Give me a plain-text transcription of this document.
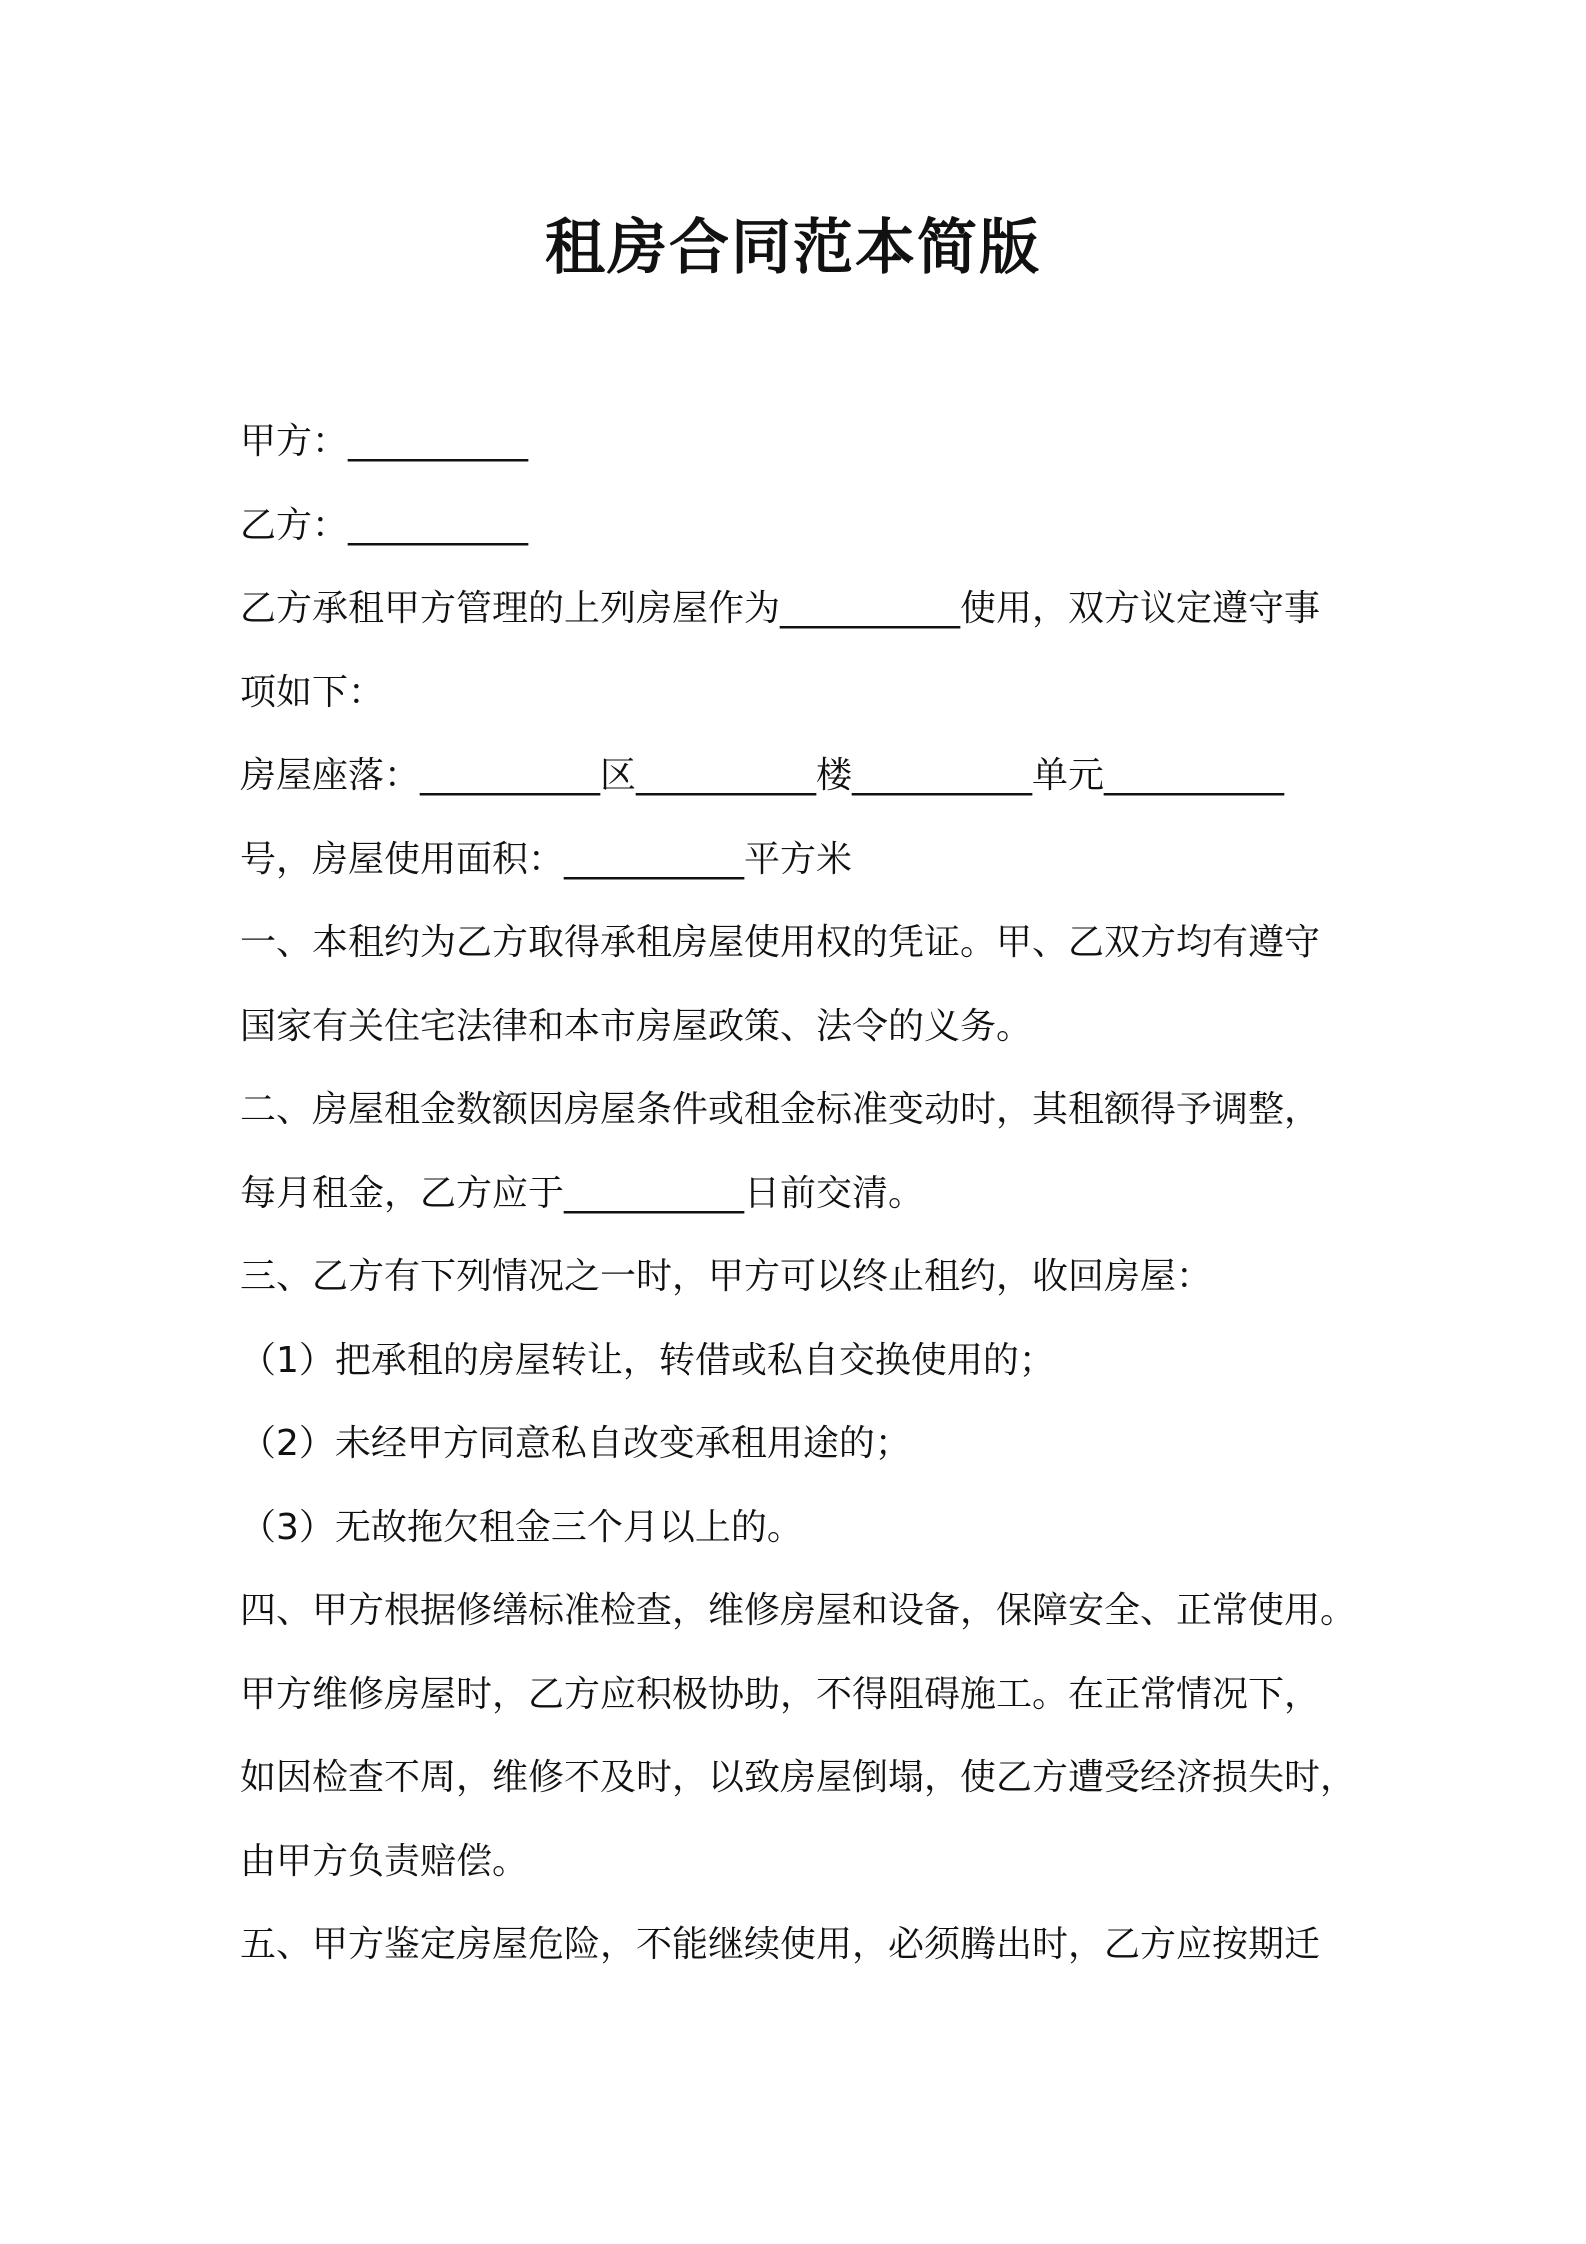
租房合同范本简版
甲方：__________
乙方：__________
乙方承租甲方管理的上列房屋作为__________使用，双方议定遵守事
项如下：
房屋座落：__________区__________楼__________单元__________
号，房屋使用面积：__________平方米
一、本租约为乙方取得承租房屋使用权的凭证。甲、乙双方均有遵守
国家有关住宅法律和本市房屋政策、法令的义务。
二、房屋租金数额因房屋条件或租金标准变动时，其租额得予调整，
每月租金，乙方应于__________日前交清。
三、乙方有下列情况之一时，甲方可以终止租约，收回房屋：
（1）把承租的房屋转让，转借或私自交换使用的；
（2）未经甲方同意私自改变承租用途的；
（3）无故拖欠租金三个月以上的。
四、甲方根据修缮标准检查，维修房屋和设备，保障安全、正常使用。
甲方维修房屋时，乙方应积极协助，不得阻碍施工。在正常情况下，
如因检查不周，维修不及时，以致房屋倒塌，使乙方遭受经济损失时，
由甲方负责赔偿。
五、甲方鉴定房屋危险，不能继续使用，必须腾出时，乙方应按期迁
